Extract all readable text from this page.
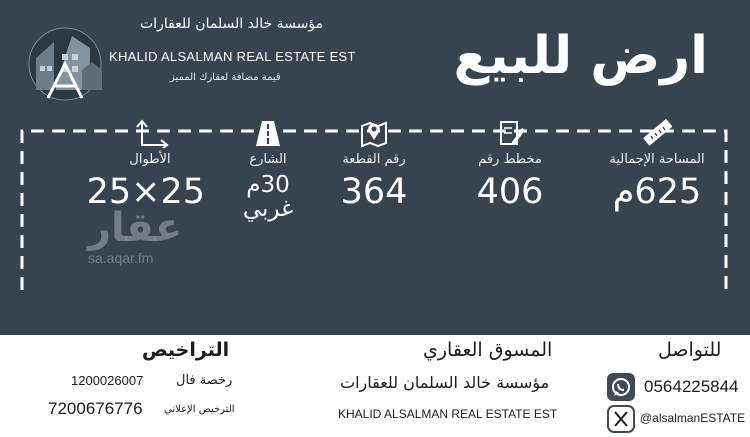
مؤسسة خالد السلمان للعقارات
KHALID ALSALMAN REAL ESTATE EST
قيمة مضافة لعقارك المميز	ارض للبيع
المساحة الإجمالية
625م
مخطط رقم
406
رقم القطعة
364
الشارع
30م
غربي
الأطوال
25×25
عقار
sa.aqar.fm
التراخيص
رخصة فال
1200026007
الترخيص الإعلاني
7200676776
المسوق العقاري
مؤسسة خالد السلمان للعقارات
KHALID ALSALMAN REAL ESTATE EST
للتواصل
0564225844
@alsalmanESTATE
